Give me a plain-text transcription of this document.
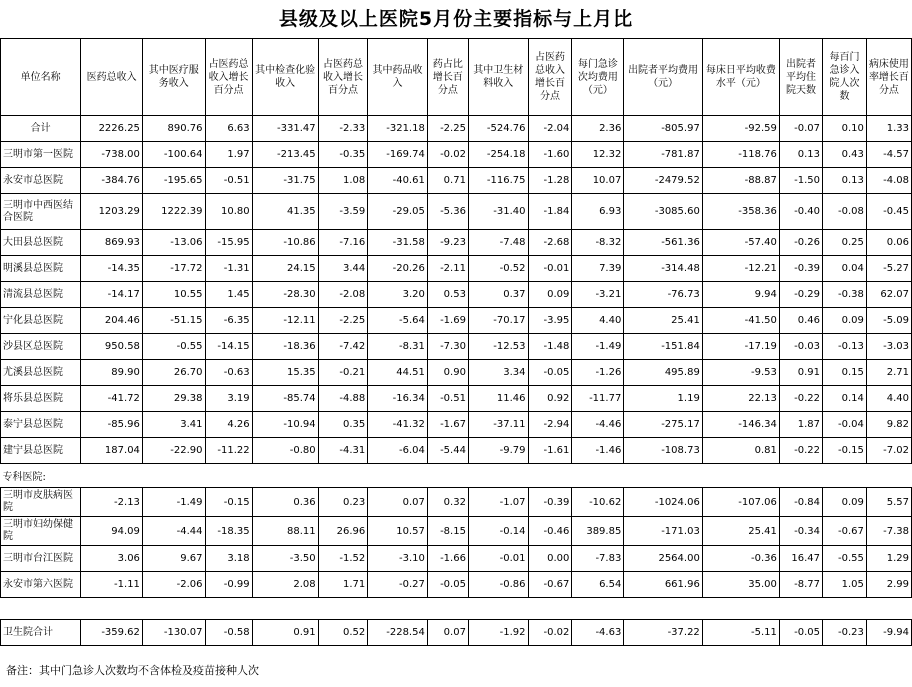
县级及以上医院5月份主要指标与上月比
单位名称	医药总收入	其中医疗服务收入	占医药总收入增长百分点	其中检查化验收入	占医药总收入增长百分点	其中药品收入	药占比增长百分点	其中卫生材料收入	占医药总收入增长百分点	每门急诊次均费用（元）	出院者平均费用（元）	每床日平均收费水平（元）	出院者平均住院天数	每百门急诊入院人次数	病床使用率增长百分点
合计	2226.25	890.76	6.63	-331.47	-2.33	-321.18	-2.25	-524.76	-2.04	2.36	-805.97	-92.59	-0.07	0.10	1.33
三明市第一医院	-738.00	-100.64	1.97	-213.45	-0.35	-169.74	-0.02	-254.18	-1.60	12.32	-781.87	-118.76	0.13	0.43	-4.57
永安市总医院	-384.76	-195.65	-0.51	-31.75	1.08	-40.61	0.71	-116.75	-1.28	10.07	-2479.52	-88.87	-1.50	0.13	-4.08
三明市中西医结合医院	1203.29	1222.39	10.80	41.35	-3.59	-29.05	-5.36	-31.40	-1.84	6.93	-3085.60	-358.36	-0.40	-0.08	-0.45
大田县总医院	869.93	-13.06	-15.95	-10.86	-7.16	-31.58	-9.23	-7.48	-2.68	-8.32	-561.36	-57.40	-0.26	0.25	0.06
明溪县总医院	-14.35	-17.72	-1.31	24.15	3.44	-20.26	-2.11	-0.52	-0.01	7.39	-314.48	-12.21	-0.39	0.04	-5.27
清流县总医院	-14.17	10.55	1.45	-28.30	-2.08	3.20	0.53	0.37	0.09	-3.21	-76.73	9.94	-0.29	-0.38	62.07
宁化县总医院	204.46	-51.15	-6.35	-12.11	-2.25	-5.64	-1.69	-70.17	-3.95	4.40	25.41	-41.50	0.46	0.09	-5.09
沙县区总医院	950.58	-0.55	-14.15	-18.36	-7.42	-8.31	-7.30	-12.53	-1.48	-1.49	-151.84	-17.19	-0.03	-0.13	-3.03
尤溪县总医院	89.90	26.70	-0.63	15.35	-0.21	44.51	0.90	3.34	-0.05	-1.26	495.89	-9.53	0.91	0.15	2.71
将乐县总医院	-41.72	29.38	3.19	-85.74	-4.88	-16.34	-0.51	11.46	0.92	-11.77	1.19	22.13	-0.22	0.14	4.40
泰宁县总医院	-85.96	3.41	4.26	-10.94	0.35	-41.32	-1.67	-37.11	-2.94	-4.46	-275.17	-146.34	1.87	-0.04	9.82
建宁县总医院	187.04	-22.90	-11.22	-0.80	-4.31	-6.04	-5.44	-9.79	-1.61	-1.46	-108.73	0.81	-0.22	-0.15	-7.02
专科医院:															
三明市皮肤病医院	-2.13	-1.49	-0.15	0.36	0.23	0.07	0.32	-1.07	-0.39	-10.62	-1024.06	-107.06	-0.84	0.09	5.57
三明市妇幼保健院	94.09	-4.44	-18.35	88.11	26.96	10.57	-8.15	-0.14	-0.46	389.85	-171.03	25.41	-0.34	-0.67	-7.38
三明市台江医院	3.06	9.67	3.18	-3.50	-1.52	-3.10	-1.66	-0.01	0.00	-7.83	2564.00	-0.36	16.47	-0.55	1.29
永安市第六医院	-1.11	-2.06	-0.99	2.08	1.71	-0.27	-0.05	-0.86	-0.67	6.54	661.96	35.00	-8.77	1.05	2.99

卫生院合计	-359.62	-130.07	-0.58	0.91	0.52	-228.54	0.07	-1.92	-0.02	-4.63	-37.22	-5.11	-0.05	-0.23	-9.94
备注：其中门急诊人次数均不含体检及疫苗接种人次
